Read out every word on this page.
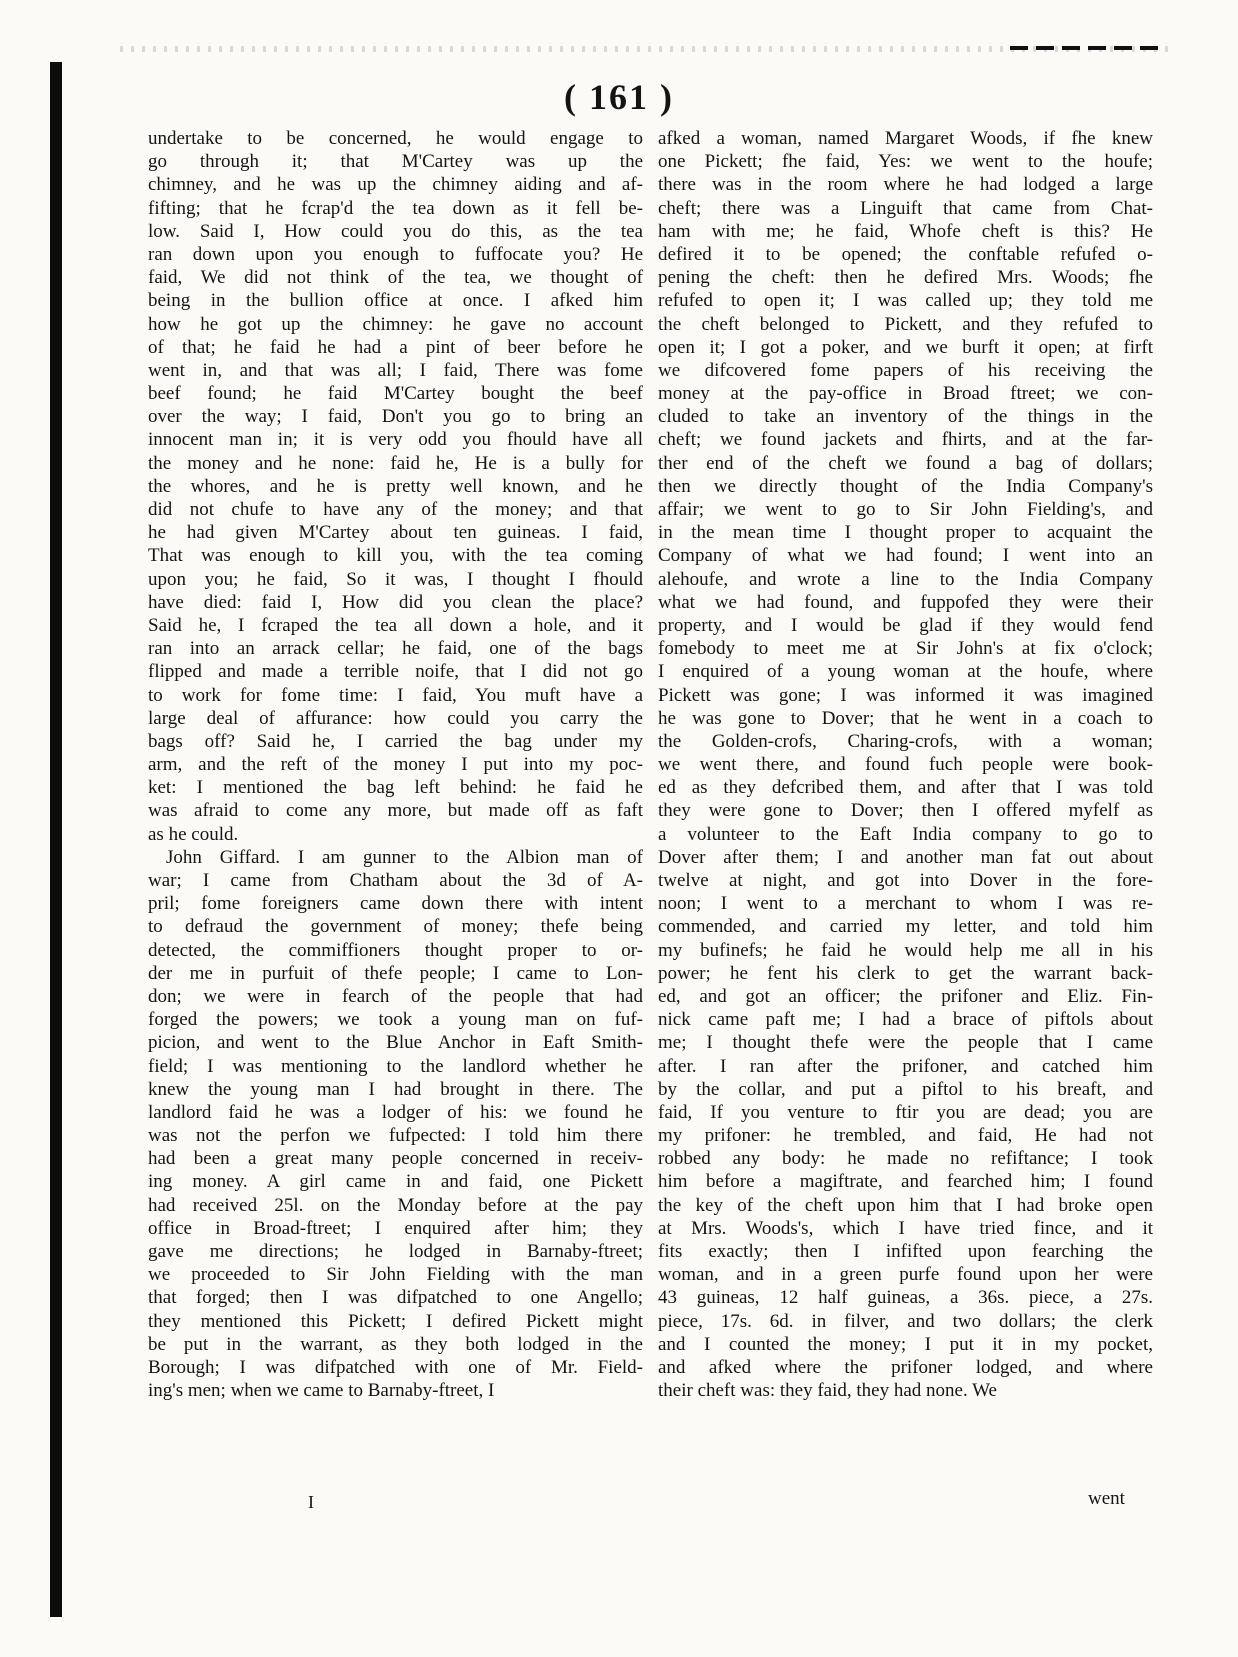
( 161 )
undertake to be concerned, he would engage to
go through it; that M'Cartey was up the
chimney, and he was up the chimney aiding and af-
fifting; that he fcrap'd the tea down as it fell be-
low. Said I, How could you do this, as the tea
ran down upon you enough to fuffocate you? He
faid, We did not think of the tea, we thought of
being in the bullion office at once. I afked him
how he got up the chimney: he gave no account
of that; he faid he had a pint of beer before he
went in, and that was all; I faid, There was fome
beef found; he faid M'Cartey bought the beef
over the way; I faid, Don't you go to bring an
innocent man in; it is very odd you fhould have all
the money and he none: faid he, He is a bully for
the whores, and he is pretty well known, and he
did not chufe to have any of the money; and that
he had given M'Cartey about ten guineas. I faid,
That was enough to kill you, with the tea coming
upon you; he faid, So it was, I thought I fhould
have died: faid I, How did you clean the place?
Said he, I fcraped the tea all down a hole, and it
ran into an arrack cellar; he faid, one of the bags
flipped and made a terrible noife, that I did not go
to work for fome time: I faid, You muft have a
large deal of affurance: how could you carry the
bags off? Said he, I carried the bag under my
arm, and the reft of the money I put into my poc-
ket: I mentioned the bag left behind: he faid he
was afraid to come any more, but made off as faft
as he could.
John Giffard. I am gunner to the Albion man of
war; I came from Chatham about the 3d of A-
pril; fome foreigners came down there with intent
to defraud the government of money; thefe being
detected, the commiffioners thought proper to or-
der me in purfuit of thefe people; I came to Lon-
don; we were in fearch of the people that had
forged the powers; we took a young man on fuf-
picion, and went to the Blue Anchor in Eaft Smith-
field; I was mentioning to the landlord whether he
knew the young man I had brought in there. The
landlord faid he was a lodger of his: we found he
was not the perfon we fufpected: I told him there
had been a great many people concerned in receiv-
ing money. A girl came in and faid, one Pickett
had received 25l. on the Monday before at the pay
office in Broad-ftreet; I enquired after him; they
gave me directions; he lodged in Barnaby-ftreet;
we proceeded to Sir John Fielding with the man
that forged; then I was difpatched to one Angello;
they mentioned this Pickett; I defired Pickett might
be put in the warrant, as they both lodged in the
Borough; I was difpatched with one of Mr. Field-
ing's men; when we came to Barnaby-ftreet, I
afked a woman, named Margaret Woods, if fhe knew
one Pickett; fhe faid, Yes: we went to the houfe;
there was in the room where he had lodged a large
cheft; there was a Linguift that came from Chat-
ham with me; he faid, Whofe cheft is this? He
defired it to be opened; the conftable refufed o-
pening the cheft: then he defired Mrs. Woods; fhe
refufed to open it; I was called up; they told me
the cheft belonged to Pickett, and they refufed to
open it; I got a poker, and we burft it open; at firft
we difcovered fome papers of his receiving the
money at the pay-office in Broad ftreet; we con-
cluded to take an inventory of the things in the
cheft; we found jackets and fhirts, and at the far-
ther end of the cheft we found a bag of dollars;
then we directly thought of the India Company's
affair; we went to go to Sir John Fielding's, and
in the mean time I thought proper to acquaint the
Company of what we had found; I went into an
alehoufe, and wrote a line to the India Company
what we had found, and fuppofed they were their
property, and I would be glad if they would fend
fomebody to meet me at Sir John's at fix o'clock;
I enquired of a young woman at the houfe, where
Pickett was gone; I was informed it was imagined
he was gone to Dover; that he went in a coach to
the Golden-crofs, Charing-crofs, with a woman;
we went there, and found fuch people were book-
ed as they defcribed them, and after that I was told
they were gone to Dover; then I offered myfelf as
a volunteer to the Eaft India company to go to
Dover after them; I and another man fat out about
twelve at night, and got into Dover in the fore-
noon; I went to a merchant to whom I was re-
commended, and carried my letter, and told him
my bufinefs; he faid he would help me all in his
power; he fent his clerk to get the warrant back-
ed, and got an officer; the prifoner and Eliz. Fin-
nick came paft me; I had a brace of piftols about
me; I thought thefe were the people that I came
after. I ran after the prifoner, and catched him
by the collar, and put a piftol to his breaft, and
faid, If you venture to ftir you are dead; you are
my prifoner: he trembled, and faid, He had not
robbed any body: he made no refiftance; I took
him before a magiftrate, and fearched him; I found
the key of the cheft upon him that I had broke open
at Mrs. Woods's, which I have tried fince, and it
fits exactly; then I infifted upon fearching the
woman, and in a green purfe found upon her were
43 guineas, 12 half guineas, a 36s. piece, a 27s.
piece, 17s. 6d. in filver, and two dollars; the clerk
and I counted the money; I put it in my pocket,
and afked where the prifoner lodged, and where
their cheft was: they faid, they had none. We
I	went
